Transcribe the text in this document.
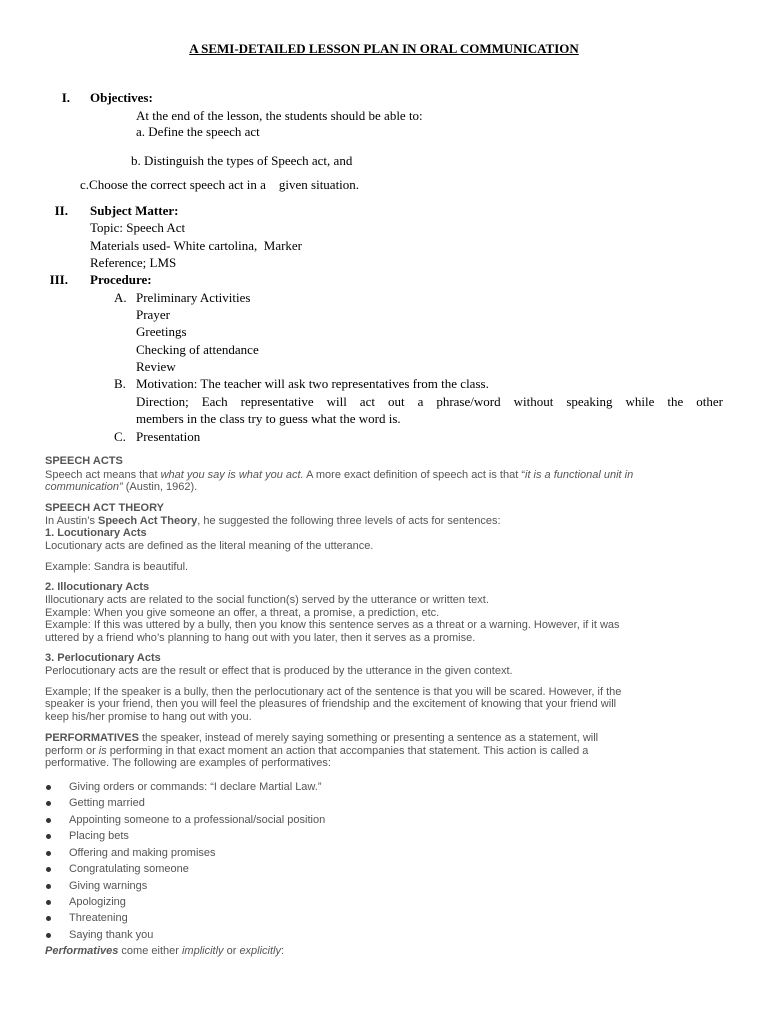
A SEMI-DETAILED LESSON PLAN IN ORAL COMMUNICATION
I. Objectives:
At the end of the lesson, the students should be able to:
a. Define the speech act
b. Distinguish the types of Speech act, and
c.Choose the correct speech act in a    given situation.
II. Subject Matter:
Topic: Speech Act
Materials used- White cartolina,  Marker
Reference; LMS
III. Procedure:
A. Preliminary Activities
Prayer
Greetings
Checking of attendance
Review
B. Motivation: The teacher will ask two representatives from the class.
Direction; Each representative will act out a phrase/word without speaking while the other
members in the class try to guess what the word is.
C. Presentation
SPEECH ACTS
Speech act means that what you say is what you act. A more exact definition of speech act is that “it is a functional unit in
communication” (Austin, 1962).
SPEECH ACT THEORY
In Austin’s Speech Act Theory, he suggested the following three levels of acts for sentences:
1. Locutionary Acts
Locutionary acts are defined as the literal meaning of the utterance.
Example: Sandra is beautiful.
2. Illocutionary Acts
Illocutionary acts are related to the social function(s) served by the utterance or written text.
Example: When you give someone an offer, a threat, a promise, a prediction, etc.
Example: If this was uttered by a bully, then you know this sentence serves as a threat or a warning. However, if it was
uttered by a friend who’s planning to hang out with you later, then it serves as a promise.
3. Perlocutionary Acts
Perlocutionary acts are the result or effect that is produced by the utterance in the given context.
Example; If the speaker is a bully, then the perlocutionary act of the sentence is that you will be scared. However, if the
speaker is your friend, then you will feel the pleasures of friendship and the excitement of knowing that your friend will
keep his/her promise to hang out with you.
PERFORMATIVES the speaker, instead of merely saying something or presenting a sentence as a statement, will
perform or is performing in that exact moment an action that accompanies that statement. This action is called a
performative. The following are examples of performatives:
Giving orders or commands: “I declare Martial Law.”
Getting married
Appointing someone to a professional/social position
Placing bets
Offering and making promises
Congratulating someone
Giving warnings
Apologizing
Threatening
Saying thank you
Performatives come either implicitly or explicitly:
